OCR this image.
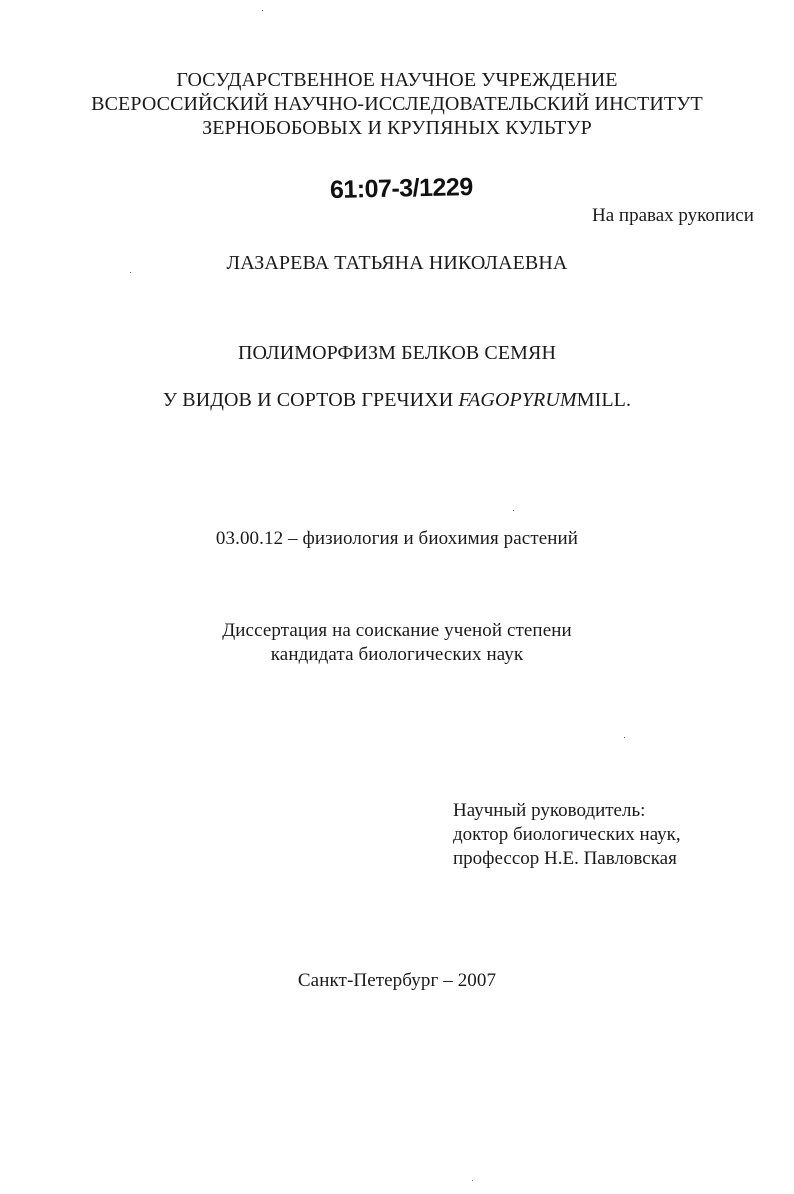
ГОСУДАРСТВЕННОЕ НАУЧНОЕ УЧРЕЖДЕНИЕ
ВСЕРОССИЙСКИЙ НАУЧНО-ИССЛЕДОВАТЕЛЬСКИЙ ИНСТИТУТ
ЗЕРНОБОБОВЫХ И КРУПЯНЫХ КУЛЬТУР
61:07-3/1229
На правах рукописи
ЛАЗАРЕВА ТАТЬЯНА НИКОЛАЕВНА
ПОЛИМОРФИЗМ БЕЛКОВ СЕМЯН
У ВИДОВ И СОРТОВ ГРЕЧИХИ FAGOPYRUMMILL.
03.00.12 – физиология и биохимия растений
Диссертация на соискание ученой степени
кандидата биологических наук
Научный руководитель:
доктор биологических наук,
профессор Н.Е. Павловская
Санкт-Петербург – 2007
